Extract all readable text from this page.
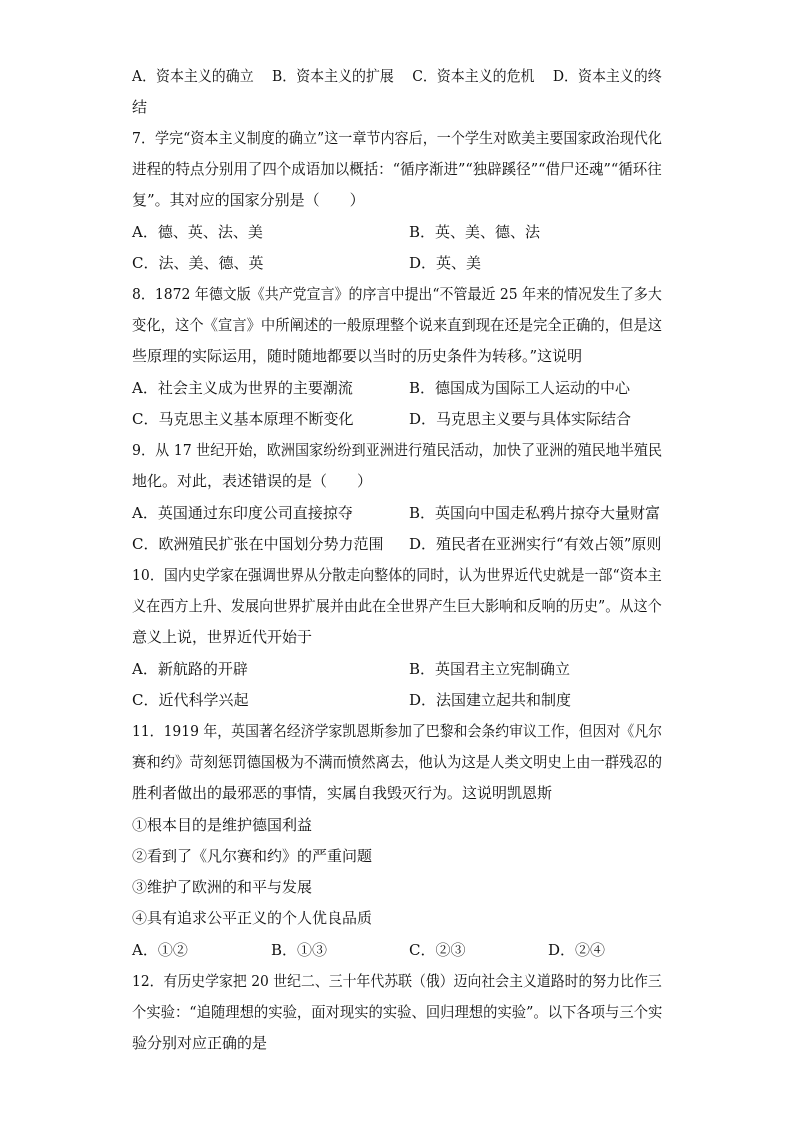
A．资本主义的确立　 B．资本主义的扩展　 C．资本主义的危机　 D．资本主义的终
结
7．学完“资本主义制度的确立”这一章节内容后，一个学生对欧美主要国家政治现代化
进程的特点分别用了四个成语加以概括：“循序渐进”“独辟蹊径”“借尸还魂”“循环往
复”。其对应的国家分别是（　　）
A．德、英、法、美	B．英、美、德、法
C．法、美、德、英	D．英、美
8．1872 年德文版《共产党宣言》的序言中提出“不管最近 25 年来的情况发生了多大
变化，这个《宣言》中所阐述的一般原理整个说来直到现在还是完全正确的，但是这
些原理的实际运用，随时随地都要以当时的历史条件为转移。”这说明
A．社会主义成为世界的主要潮流	B．德国成为国际工人运动的中心
C．马克思主义基本原理不断变化	D．马克思主义要与具体实际结合
9．从 17 世纪开始，欧洲国家纷纷到亚洲进行殖民活动，加快了亚洲的殖民地半殖民
地化。对此，表述错误的是（　　）
A．英国通过东印度公司直接掠夺	B．英国向中国走私鸦片掠夺大量财富
C．欧洲殖民扩张在中国划分势力范围 D．殖民者在亚洲实行“有效占领”原则
10．国内史学家在强调世界从分散走向整体的同时，认为世界近代史就是一部“资本主
义在西方上升、发展向世界扩展并由此在全世界产生巨大影响和反响的历史”。从这个
意义上说，世界近代开始于
A．新航路的开辟	B．英国君主立宪制确立
C．近代科学兴起	D．法国建立起共和制度
11．1919 年，英国著名经济学家凯恩斯参加了巴黎和会条约审议工作，但因对《凡尔
赛和约》苛刻惩罚德国极为不满而愤然离去，他认为这是人类文明史上由一群残忍的
胜利者做出的最邪恶的事情，实属自我毁灭行为。这说明凯恩斯
①根本目的是维护德国利益
②看到了《凡尔赛和约》的严重问题
③维护了欧洲的和平与发展
④具有追求公平正义的个人优良品质
A．①②	B．①③	C．②③	D．②④
12．有历史学家把 20 世纪二、三十年代苏联（俄）迈向社会主义道路时的努力比作三
个实验：“追随理想的实验，面对现实的实验、回归理想的实验”。以下各项与三个实
验分别对应正确的是
